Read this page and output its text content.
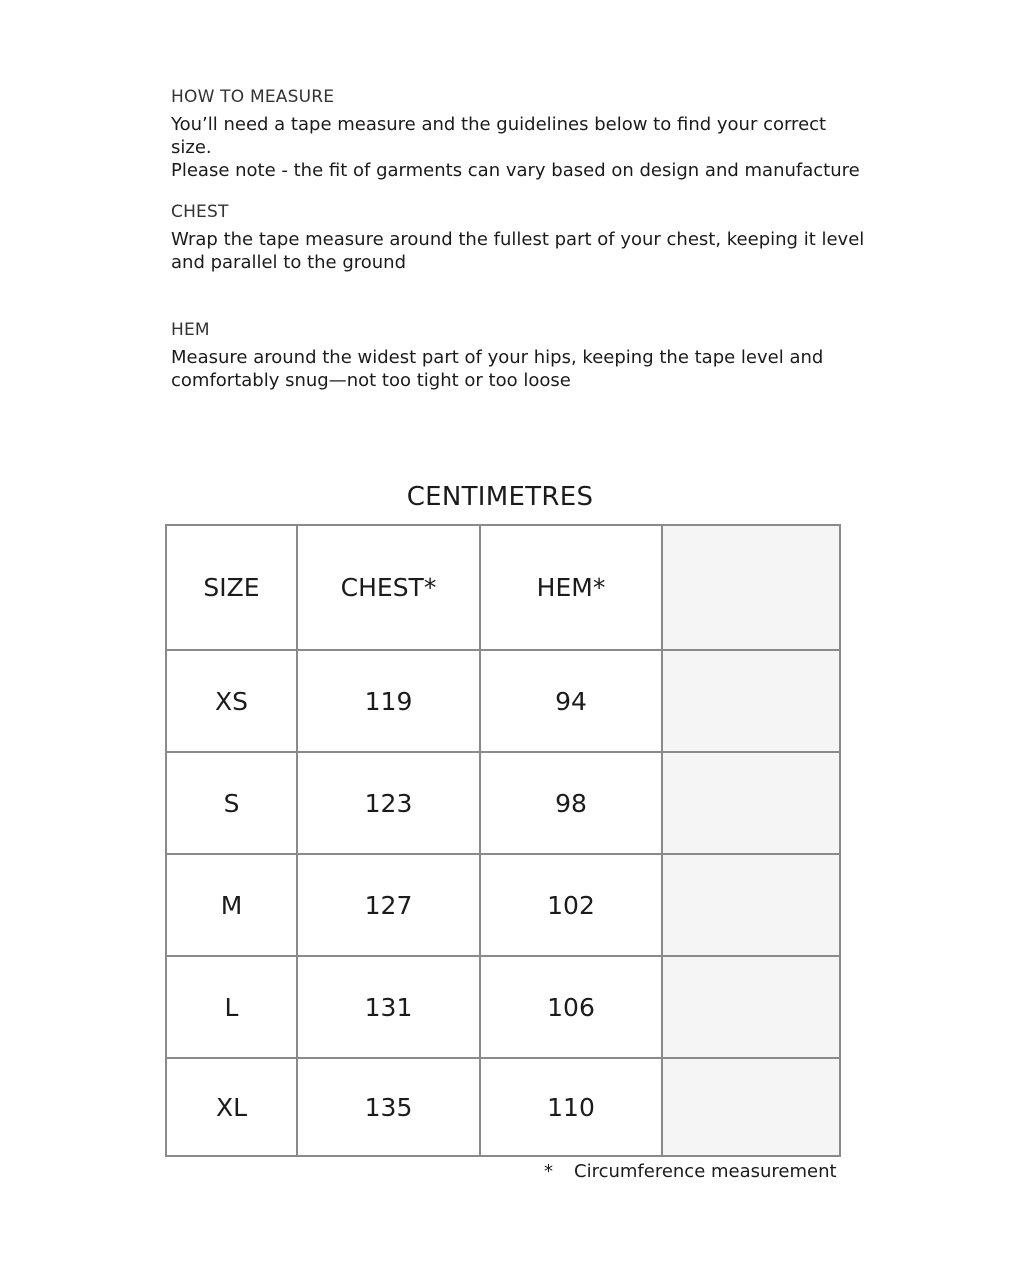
HOW TO MEASURE

You’ll need a tape measure and the guidelines below to find your correct size.
Please note - the fit of garments can vary based on design and manufacture

CHEST

Wrap the tape measure around the fullest part of your chest, keeping it level
and parallel to the ground

HEM

Measure around the widest part of your hips, keeping the tape level and
comfortably snug—not too tight or too loose

CENTIMETRES
SIZE	CHEST*	HEM*	
XS	119	94	
S	123	98	
M	127	102	
L	131	106	
XL	135	110	
* Circumference measurement
